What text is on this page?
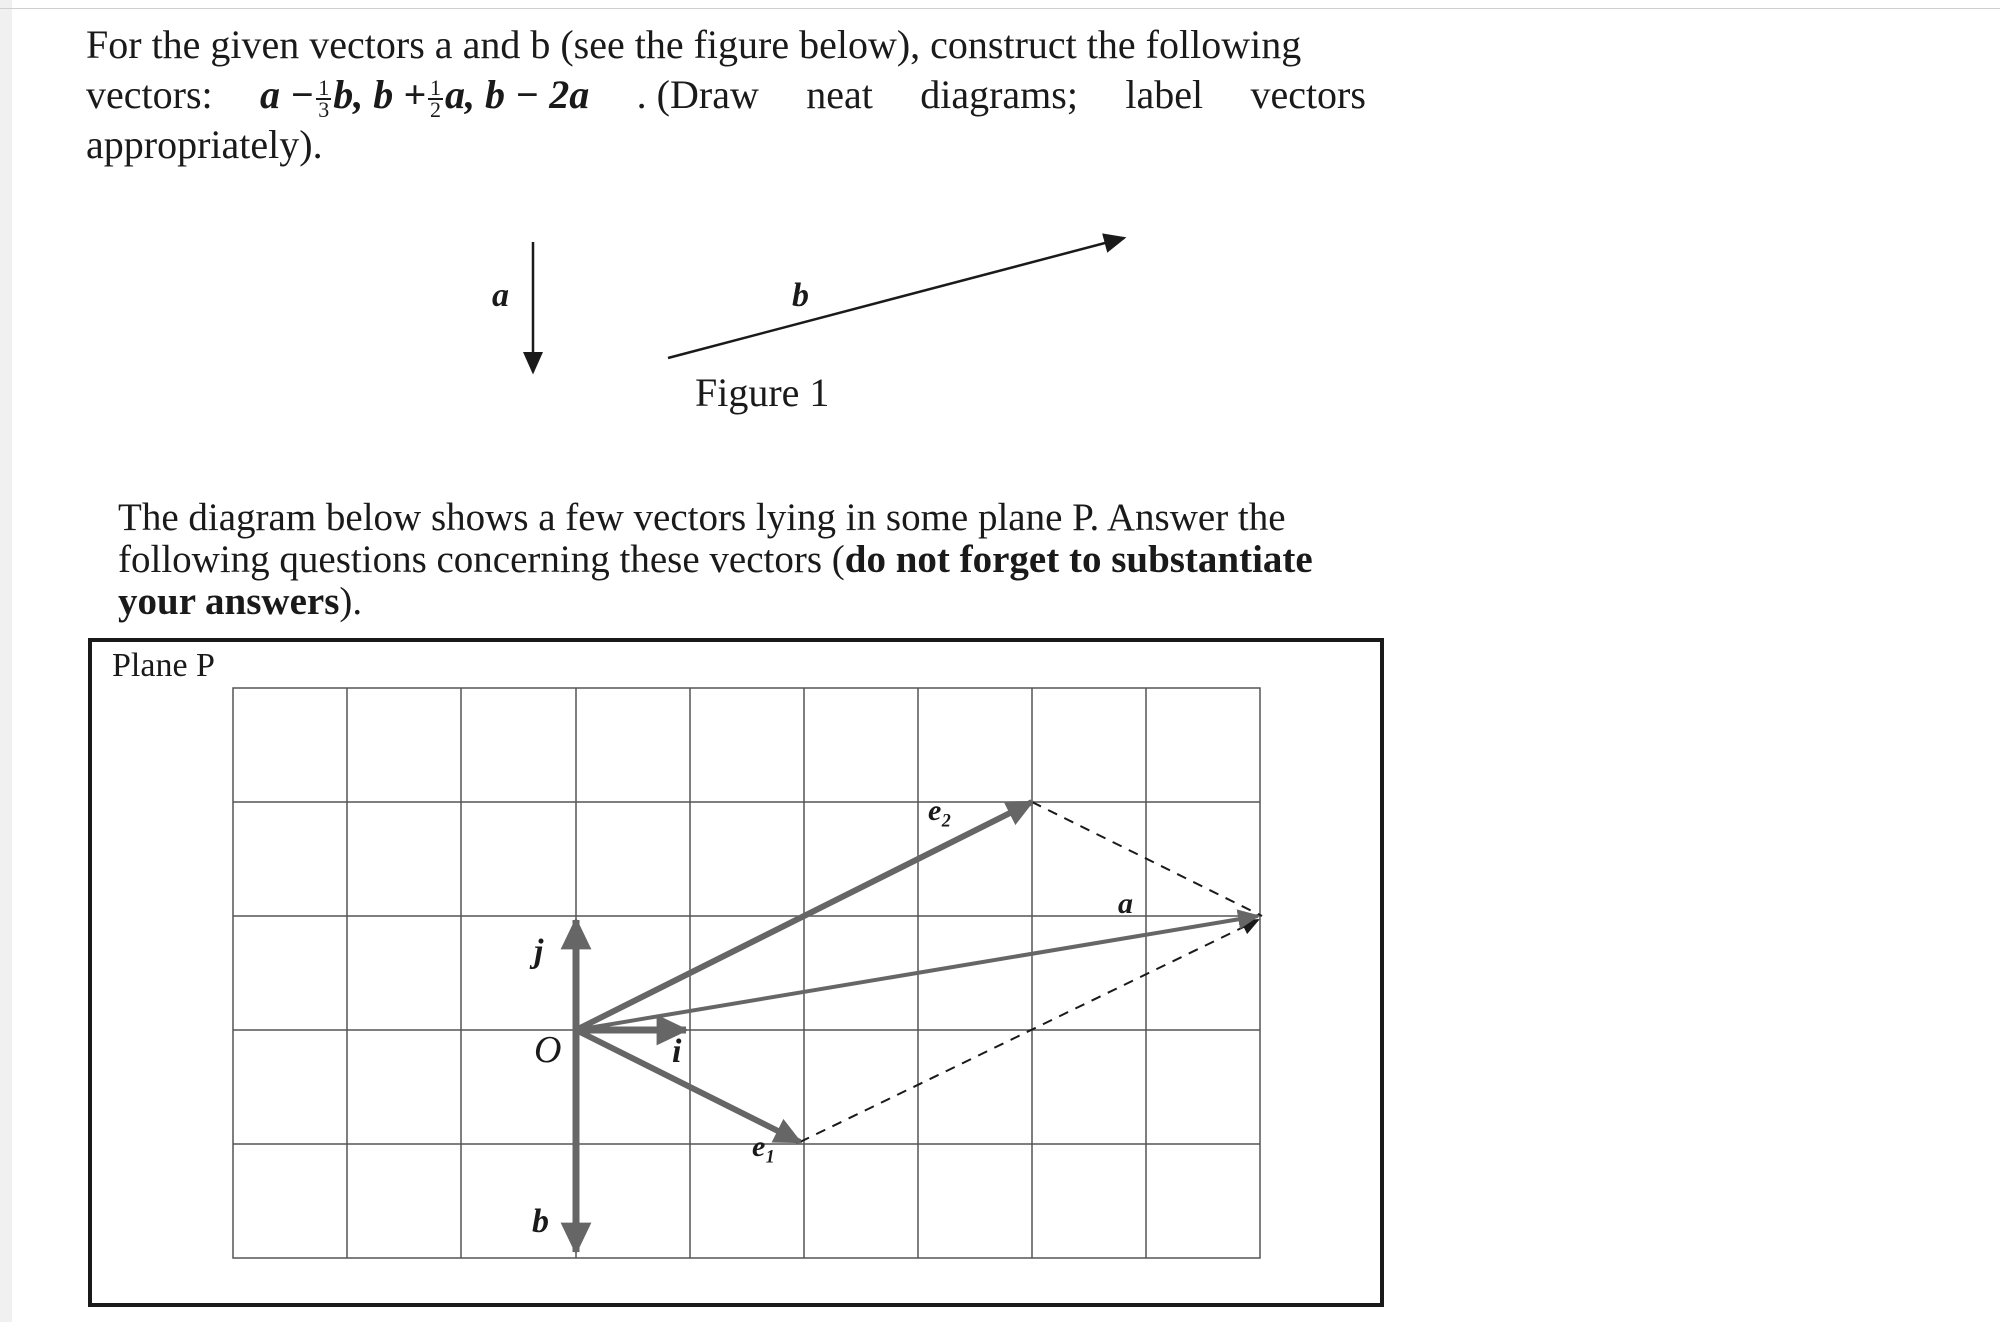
For the given vectors a and b (see the figure below), construct the following
vectors: $a - \frac{1}{3} b$, $b + \frac{1}{2} a$, b − 2a . (Draw neat diagrams; label vectors
appropriately).
a	b
Figure 1
The diagram below shows a few vectors lying in some plane P. Answer the
following questions concerning these vectors (do not forget to substantiate
your answers).
Plane P
e₂
a
j
O	i
e₁
b
